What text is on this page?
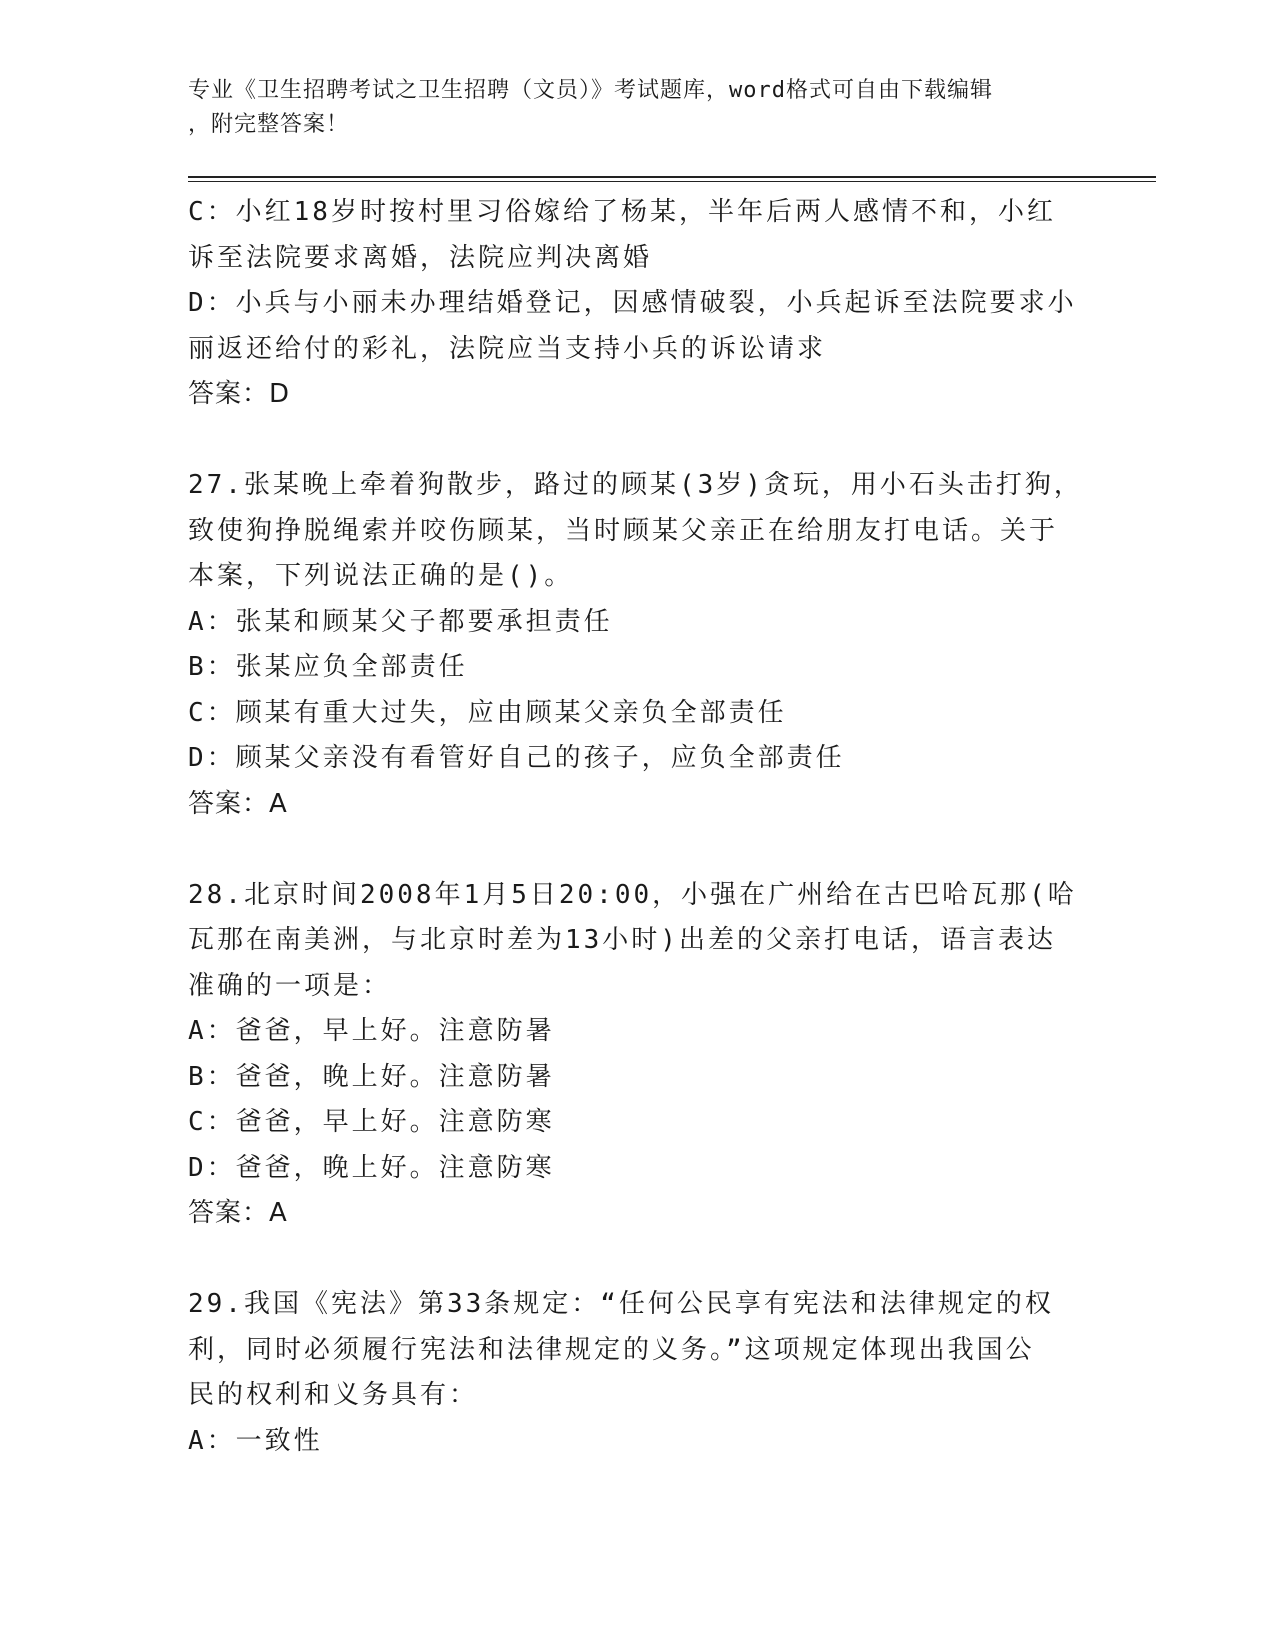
专业《卫生招聘考试之卫生招聘（文员）》考试题库，word格式可自由下载编辑
，附完整答案！
C：小红18岁时按村里习俗嫁给了杨某，半年后两人感情不和，小红
诉至法院要求离婚，法院应判决离婚
D：小兵与小丽未办理结婚登记，因感情破裂，小兵起诉至法院要求小
丽返还给付的彩礼，法院应当支持小兵的诉讼请求
答案：D
27.张某晚上牵着狗散步，路过的顾某(3岁)贪玩，用小石头击打狗，
致使狗挣脱绳索并咬伤顾某，当时顾某父亲正在给朋友打电话。关于
本案，下列说法正确的是()。
A：张某和顾某父子都要承担责任
B：张某应负全部责任
C：顾某有重大过失，应由顾某父亲负全部责任
D：顾某父亲没有看管好自己的孩子，应负全部责任
答案：A
28.北京时间2008年1月5日20:00，小强在广州给在古巴哈瓦那(哈
瓦那在南美洲，与北京时差为13小时)出差的父亲打电话，语言表达
准确的一项是：
A：爸爸，早上好。注意防暑
B：爸爸，晚上好。注意防暑
C：爸爸，早上好。注意防寒
D：爸爸，晚上好。注意防寒
答案：A
29.我国《宪法》第33条规定：“任何公民享有宪法和法律规定的权
利，同时必须履行宪法和法律规定的义务。”这项规定体现出我国公
民的权利和义务具有：
A：一致性
